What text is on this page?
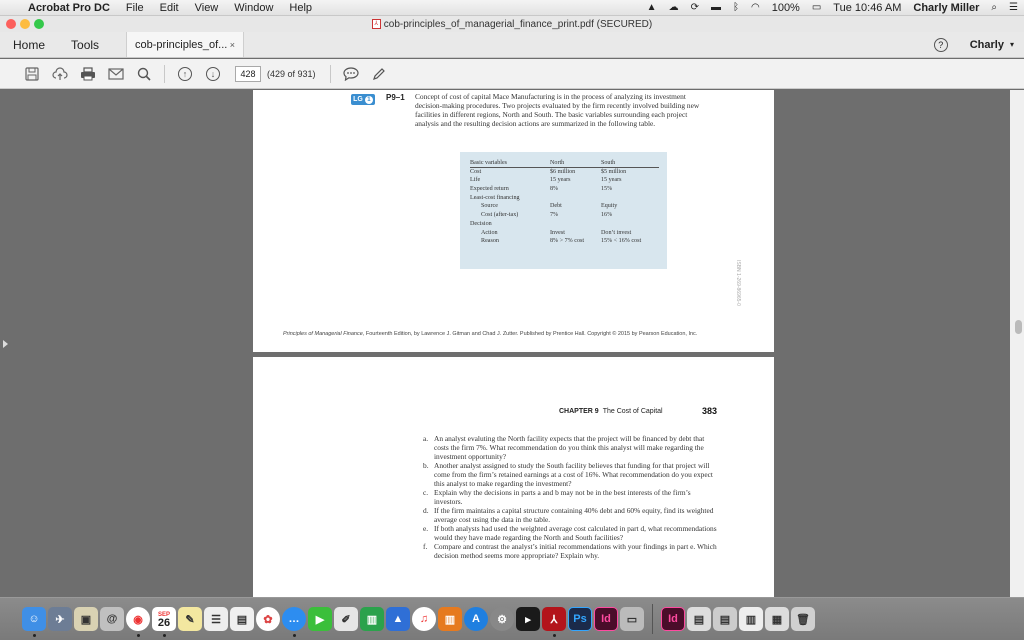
Acrobat Pro DC	File	Edit	View	Window	Help	▲	☁	⟳	▬	ᛒ	◠	100%	▭	Tue 10:46 AM	Charly Miller	⌕	☰
⅄ cob-principles_of_managerial_finance_print.pdf (SECURED)
Home	Tools	cob-principles_of... ×	?	Charly ▾
↑	↓	428	(429 of 931)
LG 1 P9–1 Concept of cost of capital Mace Manufacturing is in the process of analyzing its investment decision-making procedures. Two projects evaluated by the firm recently involved building new facilities in different regions, North and South. The basic variables surrounding each project analysis and the resulting decision actions are summarized in the following table.
Basic variables	North	South
Cost	$6 million	$5 million
Life	15 years	15 years
Expected return	8%	15%
Least-cost financing
Source	Debt	Equity
Cost (after-tax)	7%	16%
Decision
Action	Invest	Don’t invest
Reason	8% > 7% cost	15% < 16% cost
ISBN 1-269-86965-0
Principles of Managerial Finance, Fourteenth Edition, by Lawrence J. Gitman and Chad J. Zutter. Published by Prentice Hall. Copyright © 2015 by Pearson Education, Inc.
CHAPTER 9 The Cost of Capital	383
a. An analyst evaluting the North facility expects that the project will be financed by debt that costs the firm 7%. What recommendation do you think this analyst will make regarding the investment opportunity?
b. Another analyst assigned to study the South facility believes that funding for that project will come from the firm’s retained earnings at a cost of 16%. What recommendation do you expect this analyst to make regarding the investment?
c. Explain why the decisions in parts a and b may not be in the best interests of the firm’s investors.
d. If the firm maintains a capital structure containing 40% debt and 60% equity, find its weighted average cost using the data in the table.
e. If both analysts had used the weighted average cost calculated in part d, what recommendations would they have made regarding the North and South facilities?
f. Compare and contrast the analyst’s initial recommendations with your findings in part e. Which decision method seems more appropriate? Explain why.
☺	✈	▣	@	◉	SEP
26	✎	☰	▤	✿	…	▶	✐	▥	▲	♫	▥	A	⚙	▸	⅄	Ps	Id	▭	Id	▤	▤	▥	▦	🗑
